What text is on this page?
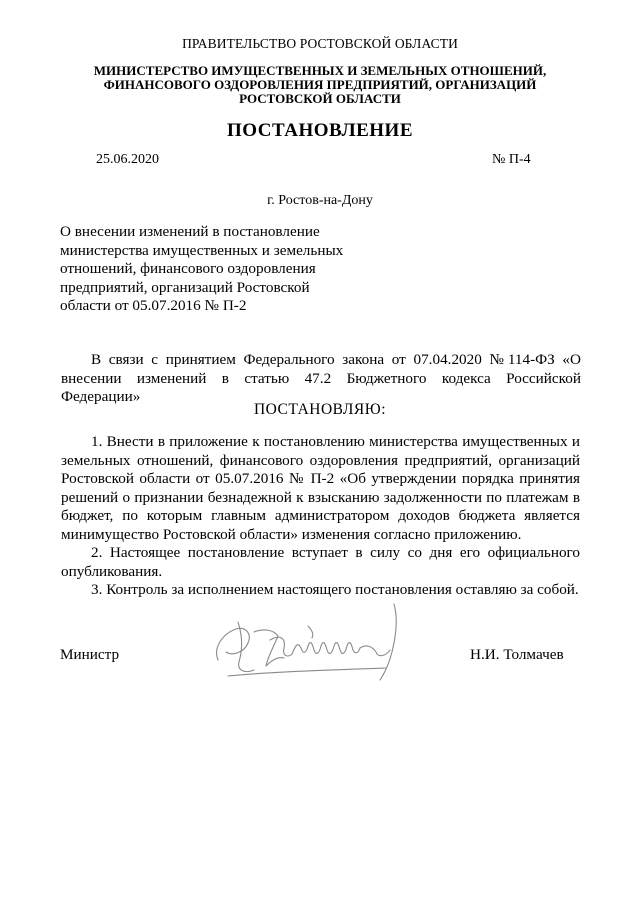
ПРАВИТЕЛЬСТВО РОСТОВСКОЙ ОБЛАСТИ
МИНИСТЕРСТВО ИМУЩЕСТВЕННЫХ И ЗЕМЕЛЬНЫХ ОТНОШЕНИЙ, ФИНАНСОВОГО ОЗДОРОВЛЕНИЯ ПРЕДПРИЯТИЙ, ОРГАНИЗАЦИЙ РОСТОВСКОЙ ОБЛАСТИ
ПОСТАНОВЛЕНИЕ
25.06.2020	№ П-4
г. Ростов-на-Дону
О внесении изменений в постановление министерства имущественных и земельных отношений, финансового оздоровления предприятий, организаций Ростовской области от 05.07.2016 № П-2

В связи с принятием Федерального закона от 07.04.2020 №114-ФЗ «О внесении изменений в статью 47.2 Бюджетного кодекса Российской Федерации»

ПОСТАНОВЛЯЮ:

1. Внести в приложение к постановлению министерства имущественных и земельных отношений, финансового оздоровления предприятий, организаций Ростовской области от 05.07.2016 № П-2 «Об утверждении порядка принятия решений о признании безнадежной к взысканию задолженности по платежам в бюджет, по которым главным администратором доходов бюджета является минимущество Ростовской области» изменения согласно приложению.

2. Настоящее постановление вступает в силу со дня его официального опубликования.

3. Контроль за исполнением настоящего постановления оставляю за собой.

Министр	Н.И. Толмачев
